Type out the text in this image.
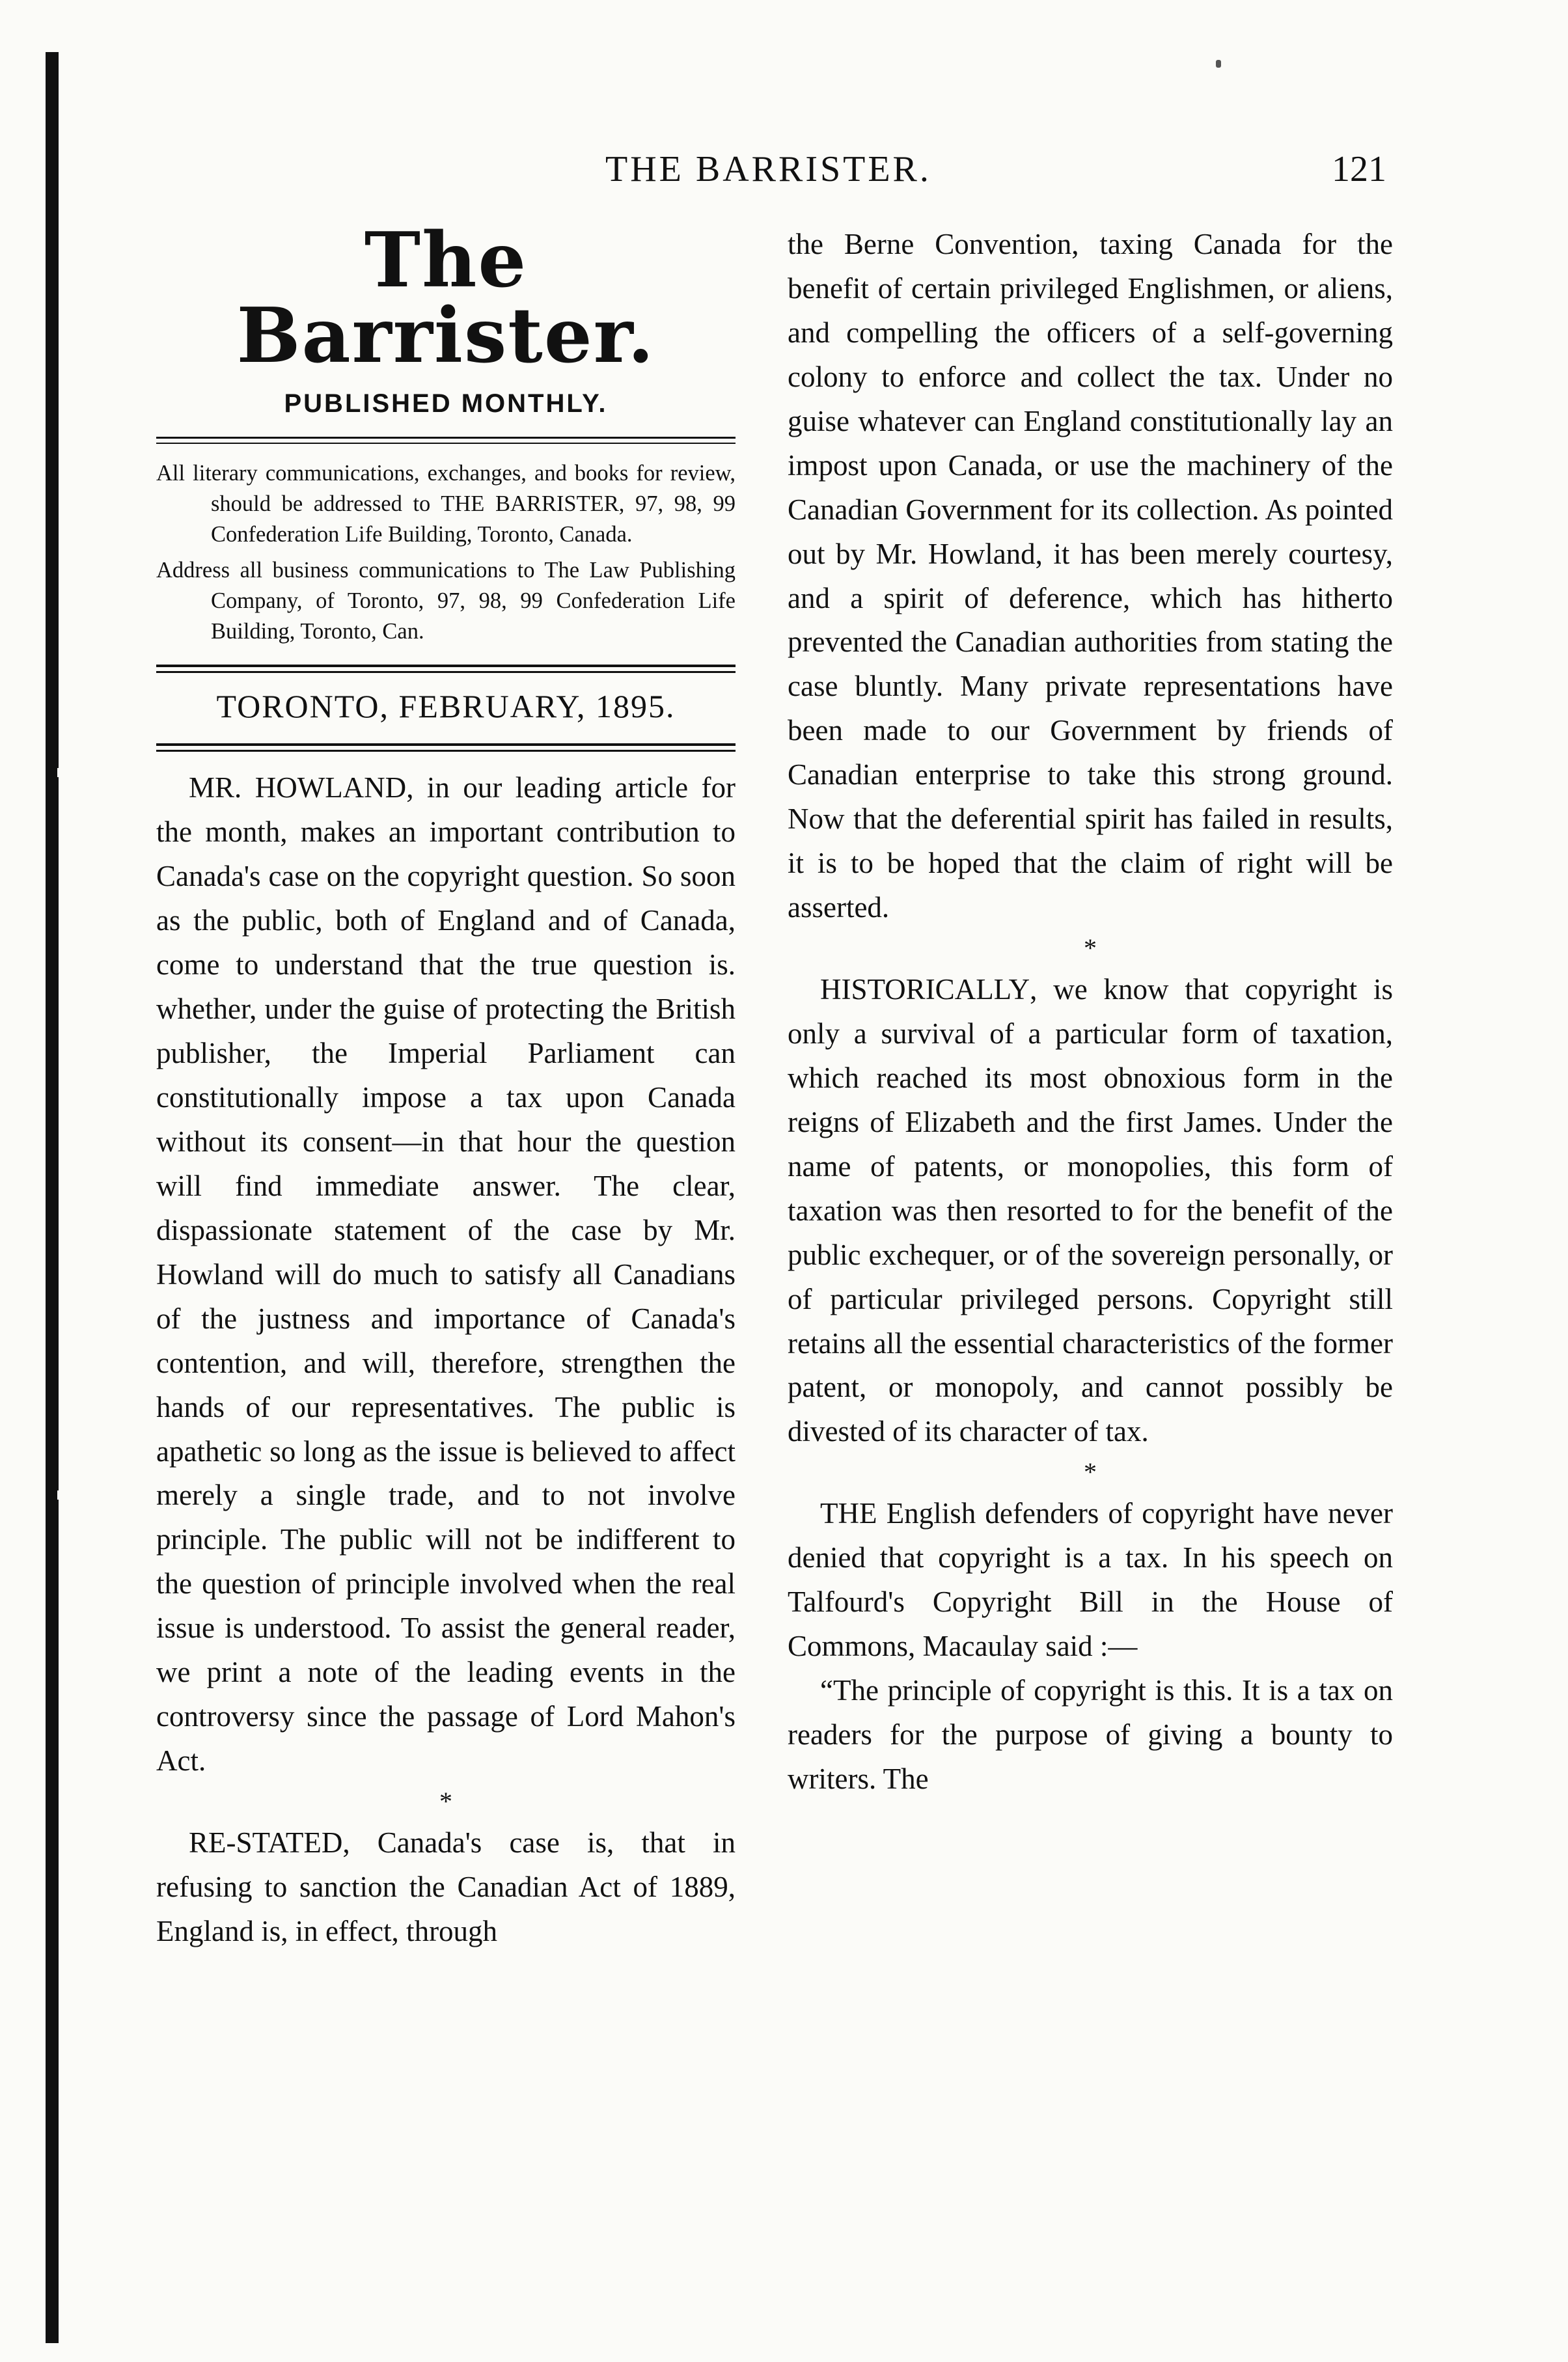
THE BARRISTER.	121
The Barrister.
PUBLISHED MONTHLY.

All literary communications, exchanges, and books for review, should be addressed to THE BARRISTER, 97, 98, 99 Confederation Life Building, Toronto, Canada.

Address all business communications to The Law Publishing Company, of Toronto, 97, 98, 99 Confederation Life Building, Toronto, Can.

TORONTO, FEBRUARY, 1895.

MR. HOWLAND, in our leading article for the month, makes an important contribution to Canada's case on the copyright question. So soon as the public, both of England and of Canada, come to understand that the true question is. whether, under the guise of protecting the British publisher, the Imperial Parliament can constitutionally impose a tax upon Canada without its consent—in that hour the question will find immediate answer. The clear, dispassionate statement of the case by Mr. Howland will do much to satisfy all Canadians of the justness and importance of Canada's contention, and will, therefore, strengthen the hands of our representatives. The public is apathetic so long as the issue is believed to affect merely a single trade, and to not involve principle. The public will not be indifferent to the question of principle involved when the real issue is understood. To assist the general reader, we print a note of the leading events in the controversy since the passage of Lord Mahon's Act.

*

RE-STATED, Canada's case is, that in refusing to sanction the Canadian Act of 1889, England is, in effect, through

the Berne Convention, taxing Canada for the benefit of certain privileged Englishmen, or aliens, and compelling the officers of a self-governing colony to enforce and collect the tax. Under no guise whatever can England constitutionally lay an impost upon Canada, or use the machinery of the Canadian Government for its collection. As pointed out by Mr. Howland, it has been merely courtesy, and a spirit of deference, which has hitherto prevented the Canadian authorities from stating the case bluntly. Many private representations have been made to our Government by friends of Canadian enterprise to take this strong ground. Now that the deferential spirit has failed in results, it is to be hoped that the claim of right will be asserted.

*

HISTORICALLY, we know that copyright is only a survival of a particular form of taxation, which reached its most obnoxious form in the reigns of Elizabeth and the first James. Under the name of patents, or monopolies, this form of taxation was then resorted to for the benefit of the public exchequer, or of the sovereign personally, or of particular privileged persons. Copyright still retains all the essential characteristics of the former patent, or monopoly, and cannot possibly be divested of its character of tax.

*

THE English defenders of copyright have never denied that copyright is a tax. In his speech on Talfourd's Copyright Bill in the House of Commons, Macaulay said :—

“The principle of copyright is this. It is a tax on readers for the purpose of giving a bounty to writers. The
